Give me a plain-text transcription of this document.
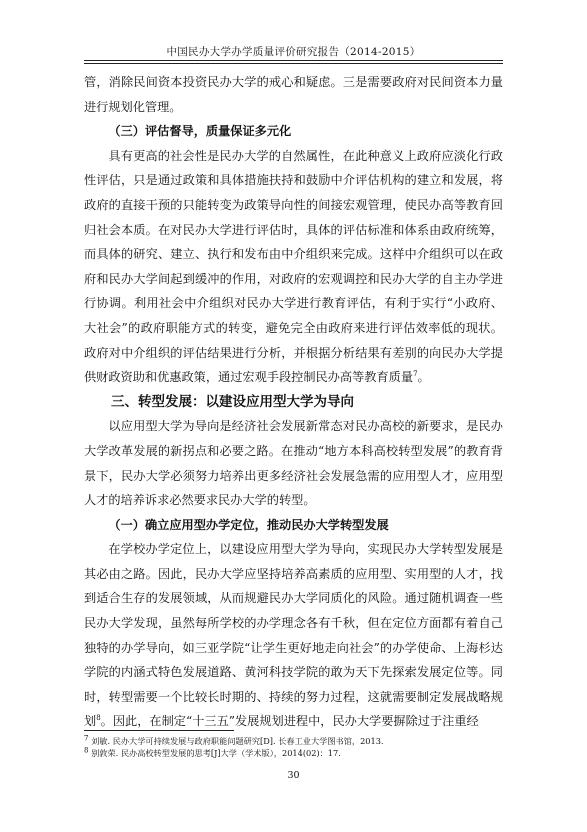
中国民办大学办学质量评价研究报告（2014-2015）

管，消除民间资本投资民办大学的戒心和疑虑。三是需要政府对民间资本力量进行规划化管理。

（三）评估督导，质量保证多元化

具有更高的社会性是民办大学的自然属性，在此种意义上政府应淡化行政性评估，只是通过政策和具体措施扶持和鼓励中介评估机构的建立和发展，将政府的直接干预的只能转变为政策导向性的间接宏观管理，使民办高等教育回归社会本质。在对民办大学进行评估时，具体的评估标准和体系由政府统筹，而具体的研究、建立、执行和发布由中介组织来完成。这样中介组织可以在政府和民办大学间起到缓冲的作用，对政府的宏观调控和民办大学的自主办学进行协调。利用社会中介组织对民办大学进行教育评估，有利于实行“小政府、大社会”的政府职能方式的转变，避免完全由政府来进行评估效率低的现状。政府对中介组织的评估结果进行分析，并根据分析结果有差别的向民办大学提供财政资助和优惠政策，通过宏观手段控制民办高等教育质量$^7$。

三、转型发展：以建设应用型大学为导向

以应用型大学为导向是经济社会发展新常态对民办高校的新要求，是民办大学改革发展的新拐点和必要之路。在推动“地方本科高校转型发展”的教育背景下，民办大学必须努力培养出更多经济社会发展急需的应用型人才，应用型人才的培养诉求必然要求民办大学的转型。

（一）确立应用型办学定位，推动民办大学转型发展

在学校办学定位上，以建设应用型大学为导向，实现民办大学转型发展是其必由之路。因此，民办大学应坚持培养高素质的应用型、实用型的人才，找到适合生存的发展领域，从而规避民办大学同质化的风险。通过随机调查一些民办大学发现，虽然每所学校的办学理念各有千秋，但在定位方面都有着自己独特的办学导向，如三亚学院“让学生更好地走向社会”的办学使命、上海杉达学院的内涵式特色发展道路、黄河科技学院的敢为天下先探索发展定位等。同时，转型需要一个比较长时期的、持续的努力过程，这就需要制定发展战略规划$^8$。因此，在制定“十三五”发展规划进程中，民办大学要摒除过于注重经

$^7$ 刘敏. 民办大学可持续发展与政府职能问题研究[D]. 长春工业大学图书馆，2013.
$^8$ 别敦荣. 民办高校转型发展的思考[J]大学（学术版），2014(02)：17.
30
